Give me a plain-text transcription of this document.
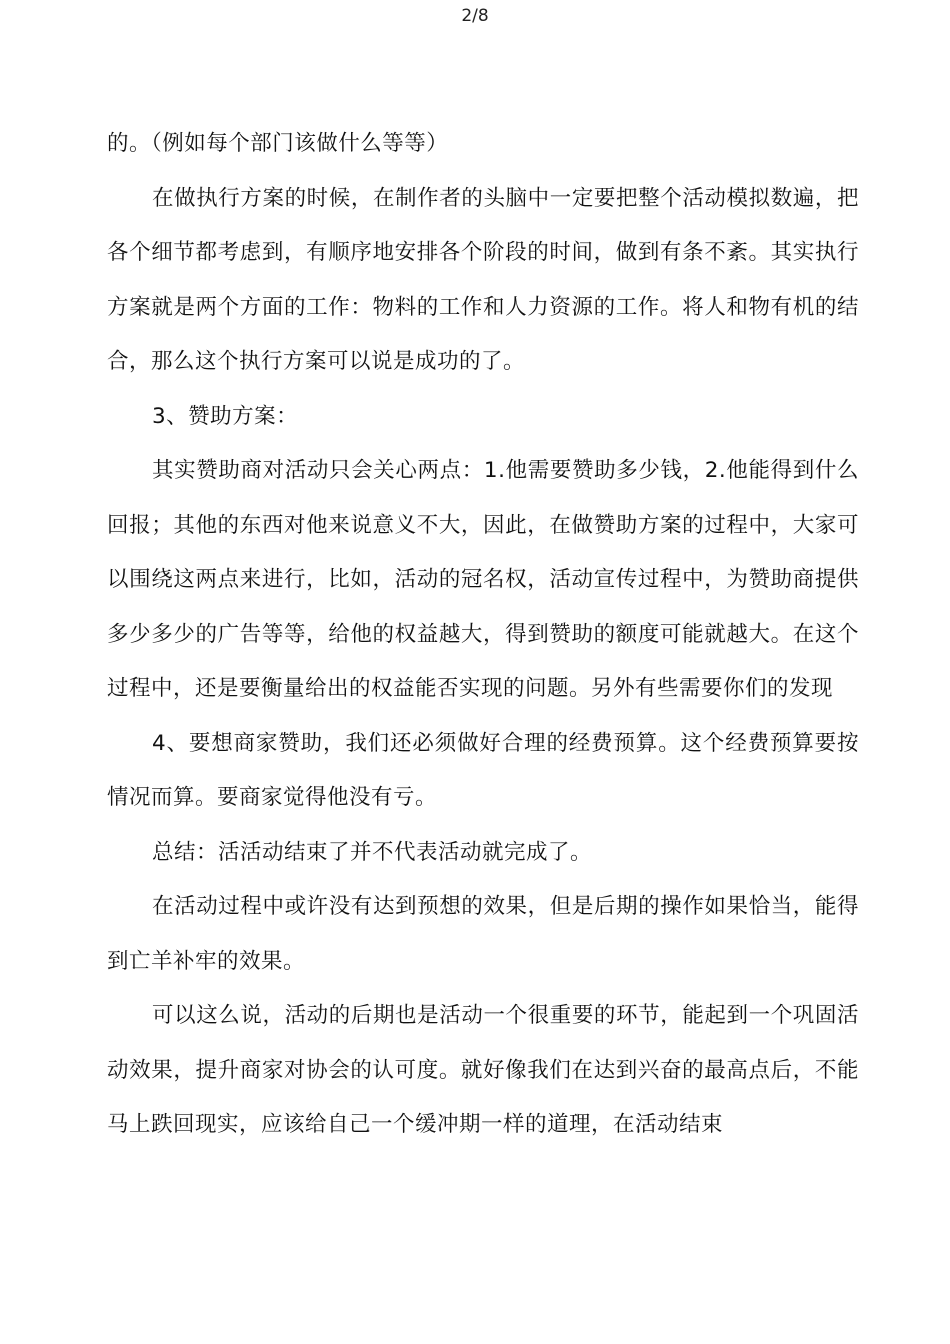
2/8

的。（例如每个部门该做什么等等）

在做执行方案的时候，在制作者的头脑中一定要把整个活动模拟数遍，把各个细节都考虑到，有顺序地安排各个阶段的时间，做到有条不紊。其实执行方案就是两个方面的工作：物料的工作和人力资源的工作。将人和物有机的结合，那么这个执行方案可以说是成功的了。

3、赞助方案：

其实赞助商对活动只会关心两点：1.他需要赞助多少钱，2.他能得到什么回报；其他的东西对他来说意义不大，因此，在做赞助方案的过程中，大家可以围绕这两点来进行，比如，活动的冠名权，活动宣传过程中，为赞助商提供多少多少的广告等等，给他的权益越大，得到赞助的额度可能就越大。在这个过程中，还是要衡量给出的权益能否实现的问题。另外有些需要你们的发现

4、要想商家赞助，我们还必须做好合理的经费预算。这个经费预算要按情况而算。要商家觉得他没有亏。

总结：活活动结束了并不代表活动就完成了。

在活动过程中或许没有达到预想的效果，但是后期的操作如果恰当，能得到亡羊补牢的效果。

可以这么说，活动的后期也是活动一个很重要的环节，能起到一个巩固活动效果，提升商家对协会的认可度。就好像我们在达到兴奋的最高点后，不能马上跌回现实，应该给自己一个缓冲期一样的道理，在活动结束
